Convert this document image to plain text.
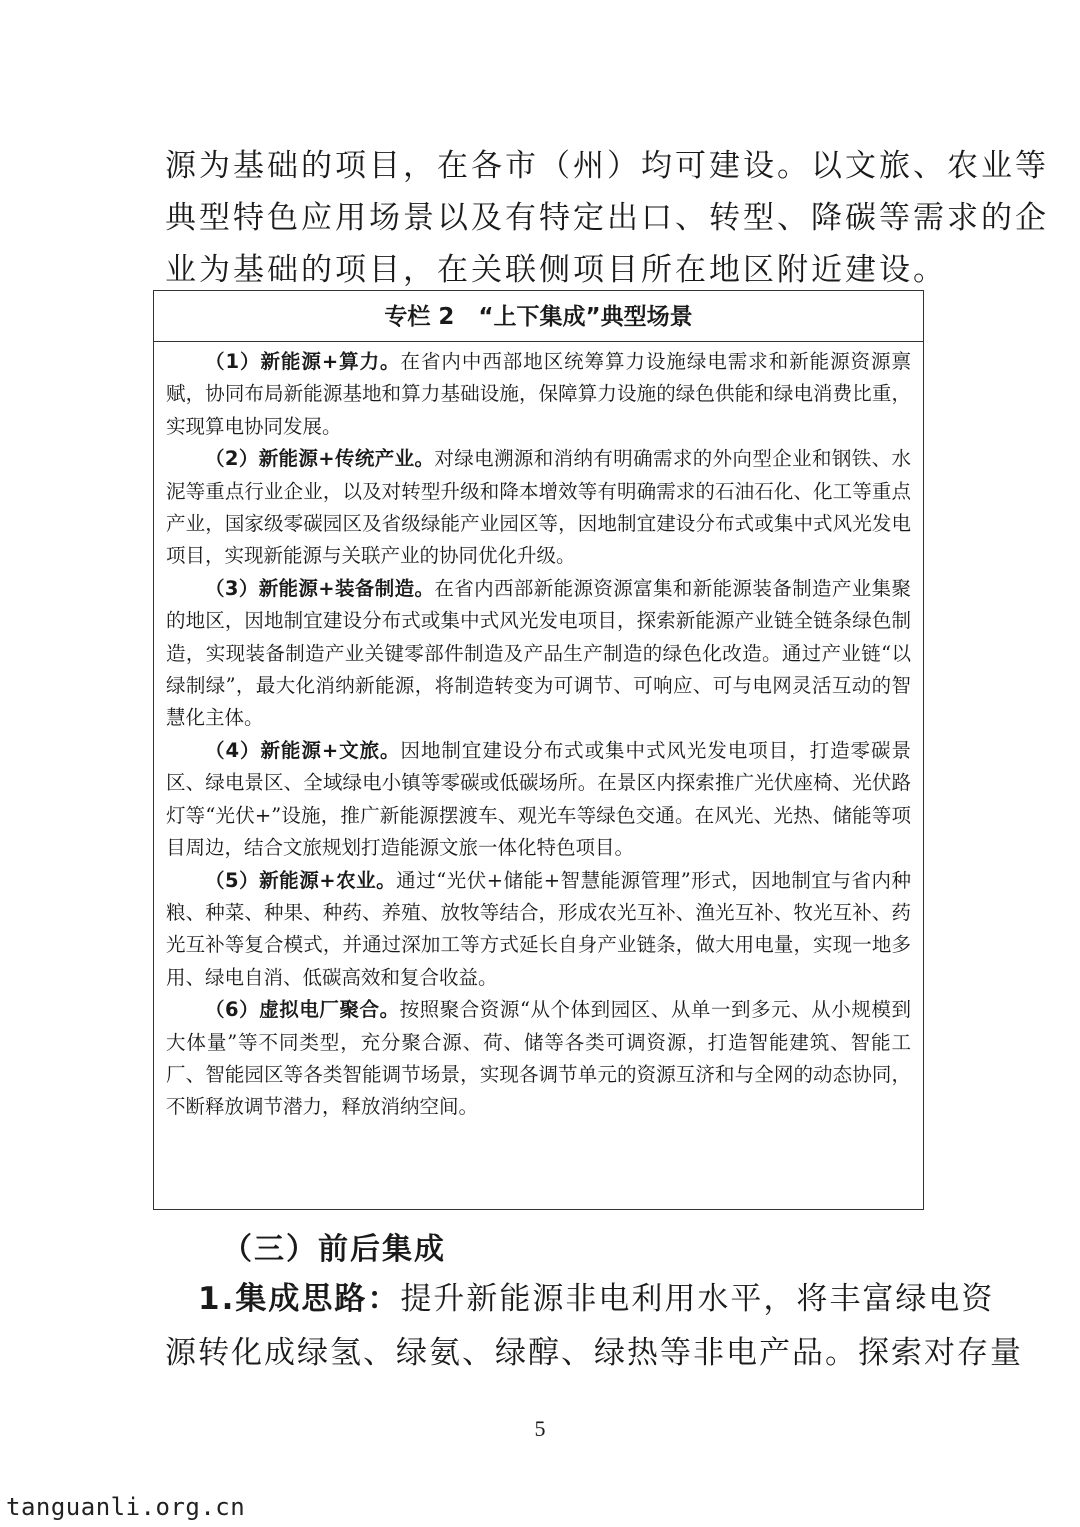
源为基础的项目，在各市（州）均可建设。以文旅、农业等

典型特色应用场景以及有特定出口、转型、降碳等需求的企

业为基础的项目，在关联侧项目所在地区附近建设。

专栏 2 “上下集成”典型场景

（1）新能源+算力。在省内中西部地区统筹算力设施绿电需求和新能源资源禀赋，协同布局新能源基地和算力基础设施，保障算力设施的绿色供能和绿电消费比重，实现算电协同发展。

（2）新能源+传统产业。对绿电溯源和消纳有明确需求的外向型企业和钢铁、水泥等重点行业企业，以及对转型升级和降本增效等有明确需求的石油石化、化工等重点产业，国家级零碳园区及省级绿能产业园区等，因地制宜建设分布式或集中式风光发电项目，实现新能源与关联产业的协同优化升级。

（3）新能源+装备制造。在省内西部新能源资源富集和新能源装备制造产业集聚的地区，因地制宜建设分布式或集中式风光发电项目，探索新能源产业链全链条绿色制造，实现装备制造产业关键零部件制造及产品生产制造的绿色化改造。通过产业链“以绿制绿”，最大化消纳新能源，将制造转变为可调节、可响应、可与电网灵活互动的智慧化主体。

（4）新能源+文旅。因地制宜建设分布式或集中式风光发电项目，打造零碳景区、绿电景区、全域绿电小镇等零碳或低碳场所。在景区内探索推广光伏座椅、光伏路灯等“光伏+”设施，推广新能源摆渡车、观光车等绿色交通。在风光、光热、储能等项目周边，结合文旅规划打造能源文旅一体化特色项目。

（5）新能源+农业。通过“光伏+储能+智慧能源管理”形式，因地制宜与省内种粮、种菜、种果、种药、养殖、放牧等结合，形成农光互补、渔光互补、牧光互补、药光互补等复合模式，并通过深加工等方式延长自身产业链条，做大用电量，实现一地多用、绿电自消、低碳高效和复合收益。

（6）虚拟电厂聚合。按照聚合资源“从个体到园区、从单一到多元、从小规模到大体量”等不同类型，充分聚合源、荷、储等各类可调资源，打造智能建筑、智能工厂、智能园区等各类智能调节场景，实现各调节单元的资源互济和与全网的动态协同，不断释放调节潜力，释放消纳空间。

（三）前后集成

　1.集成思路：提升新能源非电利用水平，将丰富绿电资

源转化成绿氢、绿氨、绿醇、绿热等非电产品。探索对存量

5
tanguanli.org.cn
